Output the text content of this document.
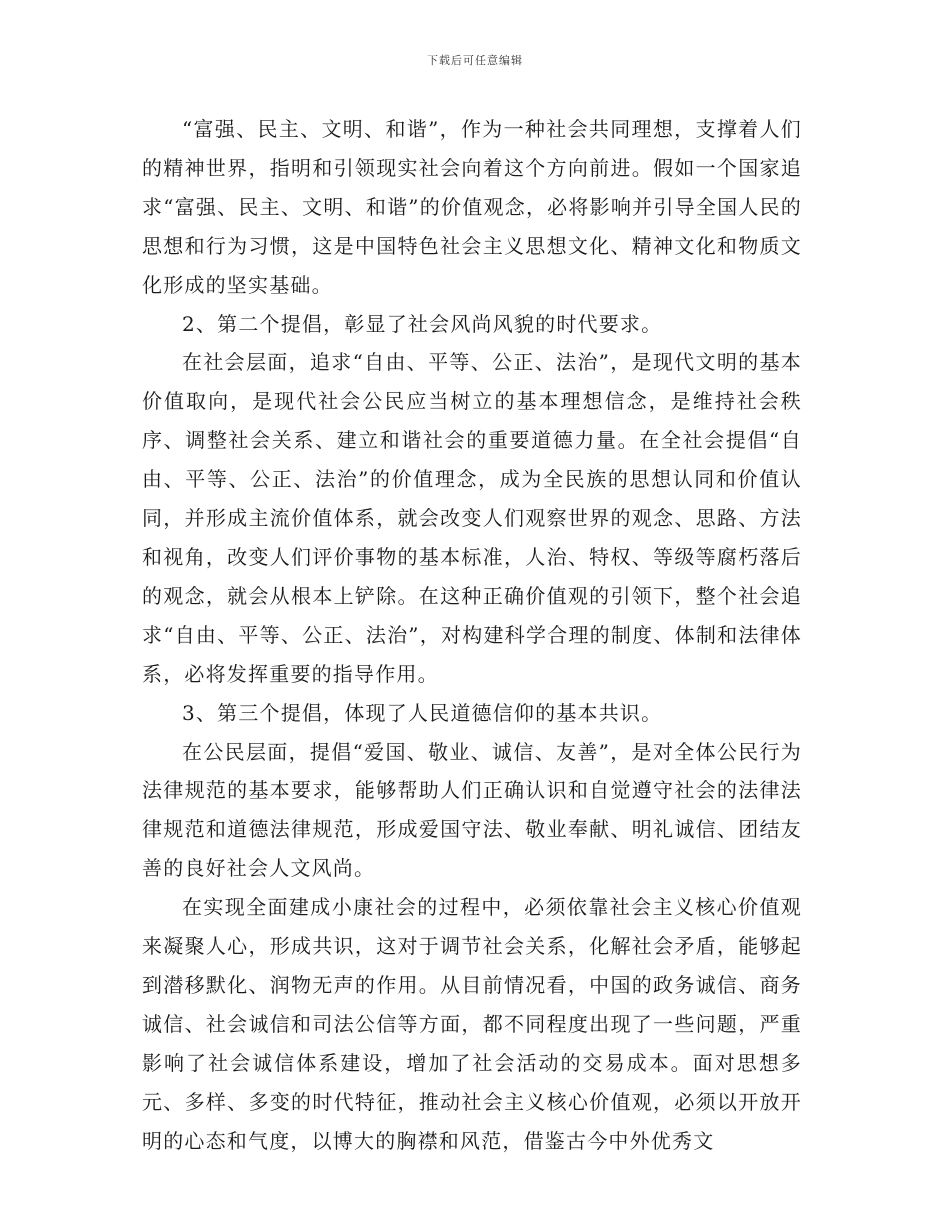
下载后可任意编辑

“富强、民主、文明、和谐”，作为一种社会共同理想，支撑着人们的精神世界，指明和引领现实社会向着这个方向前进。假如一个国家追求“富强、民主、文明、和谐”的价值观念，必将影响并引导全国人民的思想和行为习惯，这是中国特色社会主义思想文化、精神文化和物质文化形成的坚实基础。

2、第二个提倡，彰显了社会风尚风貌的时代要求。

在社会层面，追求“自由、平等、公正、法治”，是现代文明的基本价值取向，是现代社会公民应当树立的基本理想信念，是维持社会秩序、调整社会关系、建立和谐社会的重要道德力量。在全社会提倡“自由、平等、公正、法治”的价值理念，成为全民族的思想认同和价值认同，并形成主流价值体系，就会改变人们观察世界的观念、思路、方法和视角，改变人们评价事物的基本标准，人治、特权、等级等腐朽落后的观念，就会从根本上铲除。在这种正确价值观的引领下，整个社会追求“自由、平等、公正、法治”，对构建科学合理的制度、体制和法律体系，必将发挥重要的指导作用。

3、第三个提倡，体现了人民道德信仰的基本共识。

在公民层面，提倡“爱国、敬业、诚信、友善”，是对全体公民行为法律规范的基本要求，能够帮助人们正确认识和自觉遵守社会的法律法律规范和道德法律规范，形成爱国守法、敬业奉献、明礼诚信、团结友善的良好社会人文风尚。

在实现全面建成小康社会的过程中，必须依靠社会主义核心价值观来凝聚人心，形成共识，这对于调节社会关系，化解社会矛盾，能够起到潜移默化、润物无声的作用。从目前情况看，中国的政务诚信、商务诚信、社会诚信和司法公信等方面，都不同程度出现了一些问题，严重影响了社会诚信体系建设，增加了社会活动的交易成本。面对思想多元、多样、多变的时代特征，推动社会主义核心价值观，必须以开放开明的心态和气度，以博大的胸襟和风范，借鉴古今中外优秀文
